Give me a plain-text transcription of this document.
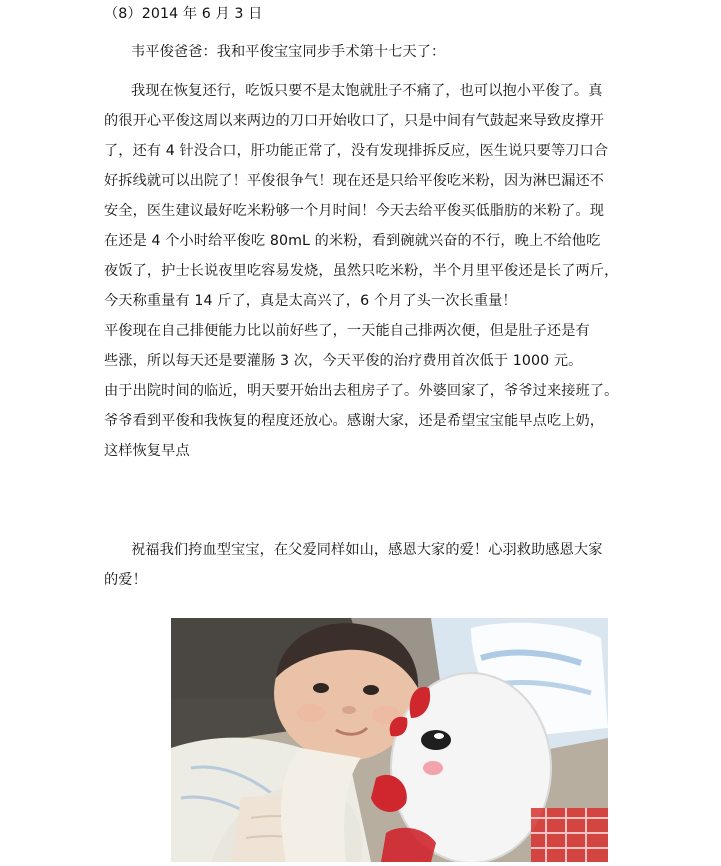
（8）2014 年 6 月 3 日
韦平俊爸爸：我和平俊宝宝同步手术第十七天了：
我现在恢复还行，吃饭只要不是太饱就肚子不痛了，也可以抱小平俊了。真
的很开心平俊这周以来两边的刀口开始收口了，只是中间有气鼓起来导致皮撑开
了，还有 4 针没合口，肝功能正常了，没有发现排拆反应，医生说只要等刀口合
好拆线就可以出院了！平俊很争气！现在还是只给平俊吃米粉，因为淋巴漏还不
安全，医生建议最好吃米粉够一个月时间！今天去给平俊买低脂肪的米粉了。现
在还是 4 个小时给平俊吃 80mL 的米粉，看到碗就兴奋的不行，晚上不给他吃
夜饭了，护士长说夜里吃容易发烧，虽然只吃米粉，半个月里平俊还是长了两斤，
今天称重量有 14 斤了，真是太高兴了，6 个月了头一次长重量！
平俊现在自己排便能力比以前好些了，一天能自己排两次便，但是肚子还是有
些涨，所以每天还是要灌肠 3 次，今天平俊的治疗费用首次低于 1000 元。
由于出院时间的临近，明天要开始出去租房子了。外婆回家了，爷爷过来接班了。
爷爷看到平俊和我恢复的程度还放心。感谢大家，还是希望宝宝能早点吃上奶，
这样恢复早点
祝福我们挎血型宝宝，在父爱同样如山，感恩大家的爱！心羽救助感恩大家
的爱！
